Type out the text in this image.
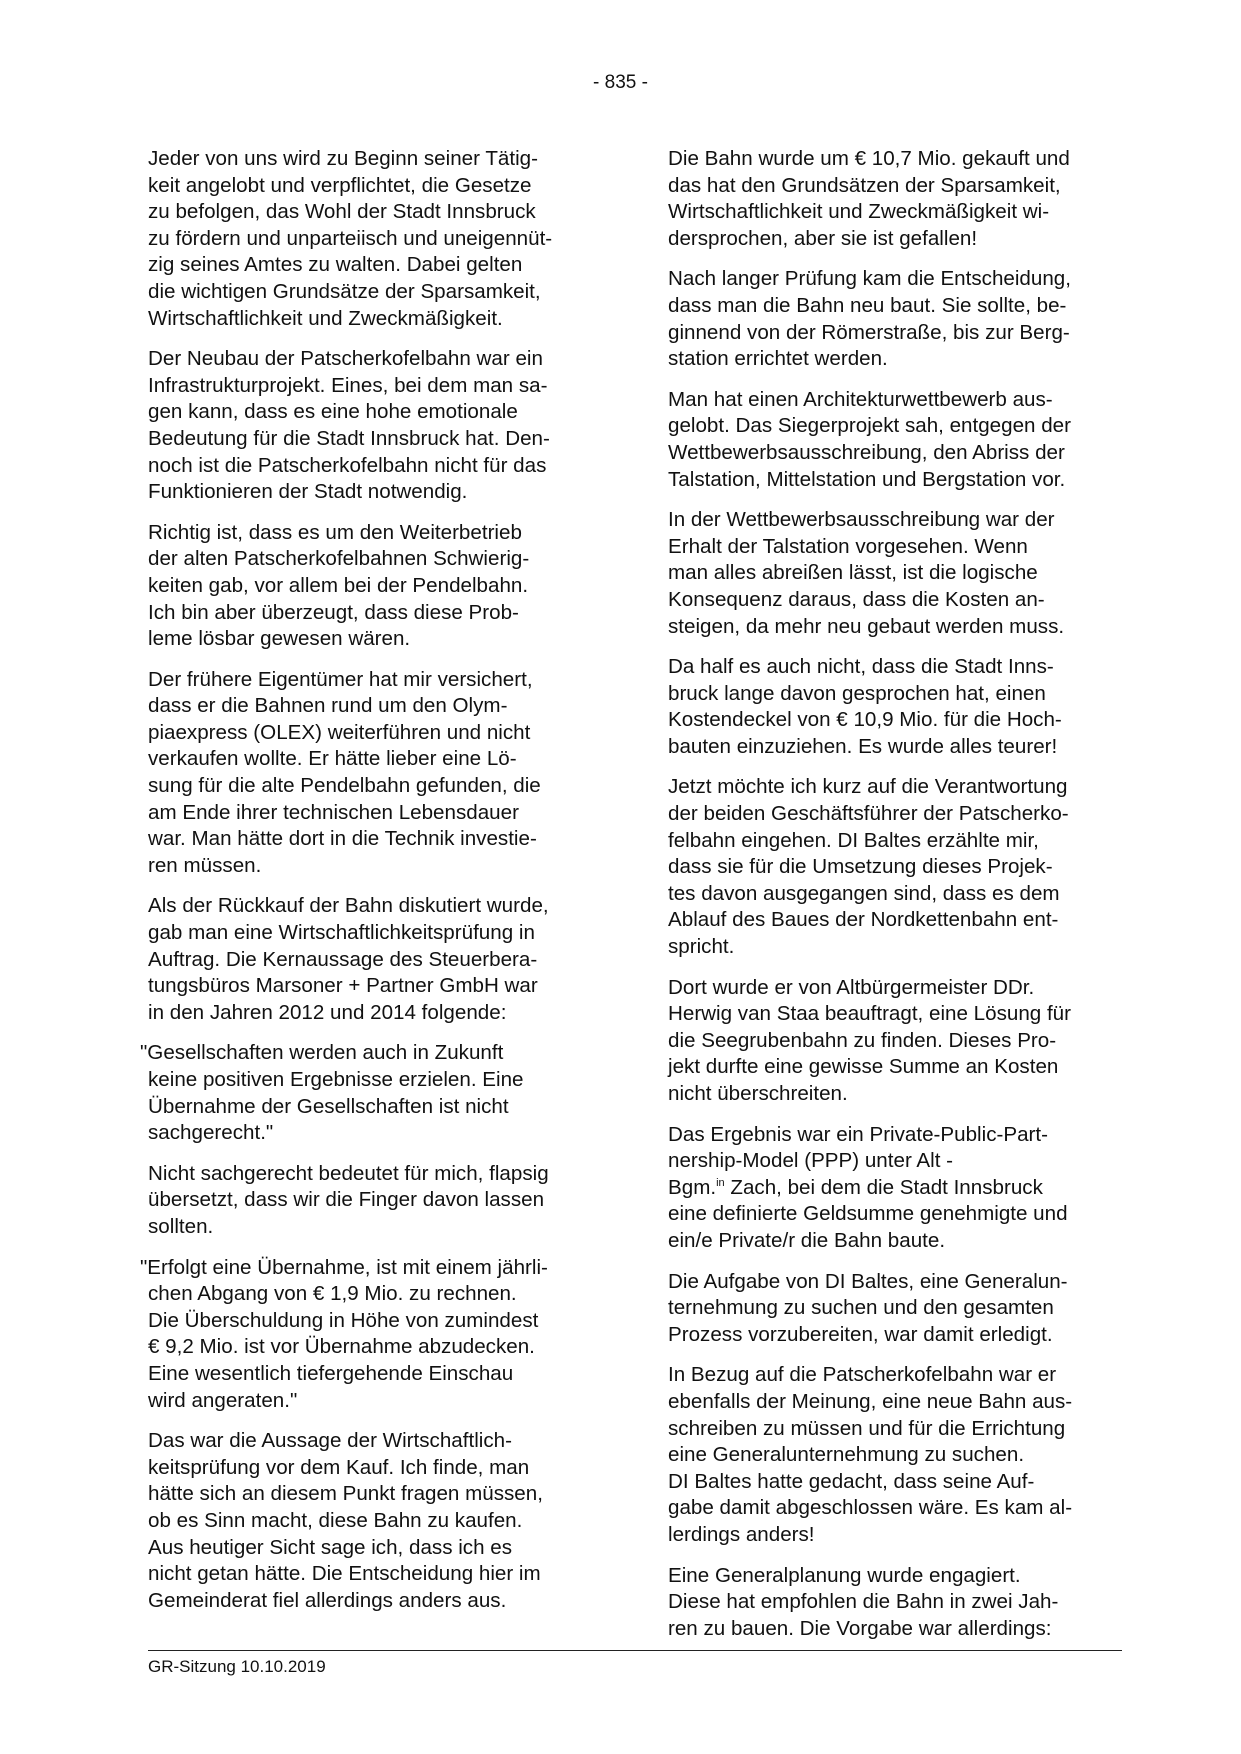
- 835 -

Jeder von uns wird zu Beginn seiner Tätig-
keit angelobt und verpflichtet, die Gesetze
zu befolgen, das Wohl der Stadt Innsbruck
zu fördern und unparteiisch und uneigennüt-
zig seines Amtes zu walten. Dabei gelten
die wichtigen Grundsätze der Sparsamkeit,
Wirtschaftlichkeit und Zweckmäßigkeit.

Der Neubau der Patscherkofelbahn war ein
Infrastrukturprojekt. Eines, bei dem man sa-
gen kann, dass es eine hohe emotionale
Bedeutung für die Stadt Innsbruck hat. Den-
noch ist die Patscherkofelbahn nicht für das
Funktionieren der Stadt notwendig.

Richtig ist, dass es um den Weiterbetrieb
der alten Patscherkofelbahnen Schwierig-
keiten gab, vor allem bei der Pendelbahn.
Ich bin aber überzeugt, dass diese Prob-
leme lösbar gewesen wären.

Der frühere Eigentümer hat mir versichert,
dass er die Bahnen rund um den Olym-
piaexpress (OLEX) weiterführen und nicht
verkaufen wollte. Er hätte lieber eine Lö-
sung für die alte Pendelbahn gefunden, die
am Ende ihrer technischen Lebensdauer
war. Man hätte dort in die Technik investie-
ren müssen.

Als der Rückkauf der Bahn diskutiert wurde,
gab man eine Wirtschaftlichkeitsprüfung in
Auftrag. Die Kernaussage des Steuerbera-
tungsbüros Marsoner + Partner GmbH war
in den Jahren 2012 und 2014 folgende:

"Gesellschaften werden auch in Zukunft
keine positiven Ergebnisse erzielen. Eine
Übernahme der Gesellschaften ist nicht
sachgerecht."

Nicht sachgerecht bedeutet für mich, flapsig
übersetzt, dass wir die Finger davon lassen
sollten.

"Erfolgt eine Übernahme, ist mit einem jährli-
chen Abgang von € 1,9 Mio. zu rechnen.
Die Überschuldung in Höhe von zumindest
€ 9,2 Mio. ist vor Übernahme abzudecken.
Eine wesentlich tiefergehende Einschau
wird angeraten."

Das war die Aussage der Wirtschaftlich-
keitsprüfung vor dem Kauf. Ich finde, man
hätte sich an diesem Punkt fragen müssen,
ob es Sinn macht, diese Bahn zu kaufen.
Aus heutiger Sicht sage ich, dass ich es
nicht getan hätte. Die Entscheidung hier im
Gemeinderat fiel allerdings anders aus.

Die Bahn wurde um € 10,7 Mio. gekauft und
das hat den Grundsätzen der Sparsamkeit,
Wirtschaftlichkeit und Zweckmäßigkeit wi-
dersprochen, aber sie ist gefallen!

Nach langer Prüfung kam die Entscheidung,
dass man die Bahn neu baut. Sie sollte, be-
ginnend von der Römerstraße, bis zur Berg-
station errichtet werden.

Man hat einen Architekturwettbewerb aus-
gelobt. Das Siegerprojekt sah, entgegen der
Wettbewerbsausschreibung, den Abriss der
Talstation, Mittelstation und Bergstation vor.

In der Wettbewerbsausschreibung war der
Erhalt der Talstation vorgesehen. Wenn
man alles abreißen lässt, ist die logische
Konsequenz daraus, dass die Kosten an-
steigen, da mehr neu gebaut werden muss.

Da half es auch nicht, dass die Stadt Inns-
bruck lange davon gesprochen hat, einen
Kostendeckel von € 10,9 Mio. für die Hoch-
bauten einzuziehen. Es wurde alles teurer!

Jetzt möchte ich kurz auf die Verantwortung
der beiden Geschäftsführer der Patscherko-
felbahn eingehen. DI Baltes erzählte mir,
dass sie für die Umsetzung dieses Projek-
tes davon ausgegangen sind, dass es dem
Ablauf des Baues der Nordkettenbahn ent-
spricht.

Dort wurde er von Altbürgermeister DDr.
Herwig van Staa beauftragt, eine Lösung für
die Seegrubenbahn zu finden. Dieses Pro-
jekt durfte eine gewisse Summe an Kosten
nicht überschreiten.

Das Ergebnis war ein Private-Public-Part-
nership-Model (PPP) unter Alt -
Bgm.$^{in}$ Zach, bei dem die Stadt Innsbruck
eine definierte Geldsumme genehmigte und
ein/e Private/r die Bahn baute.

Die Aufgabe von DI Baltes, eine Generalun-
ternehmung zu suchen und den gesamten
Prozess vorzubereiten, war damit erledigt.

In Bezug auf die Patscherkofelbahn war er
ebenfalls der Meinung, eine neue Bahn aus-
schreiben zu müssen und für die Errichtung
eine Generalunternehmung zu suchen.
DI Baltes hatte gedacht, dass seine Auf-
gabe damit abgeschlossen wäre. Es kam al-
lerdings anders!

Eine Generalplanung wurde engagiert.
Diese hat empfohlen die Bahn in zwei Jah-
ren zu bauen. Die Vorgabe war allerdings:

GR-Sitzung 10.10.2019
